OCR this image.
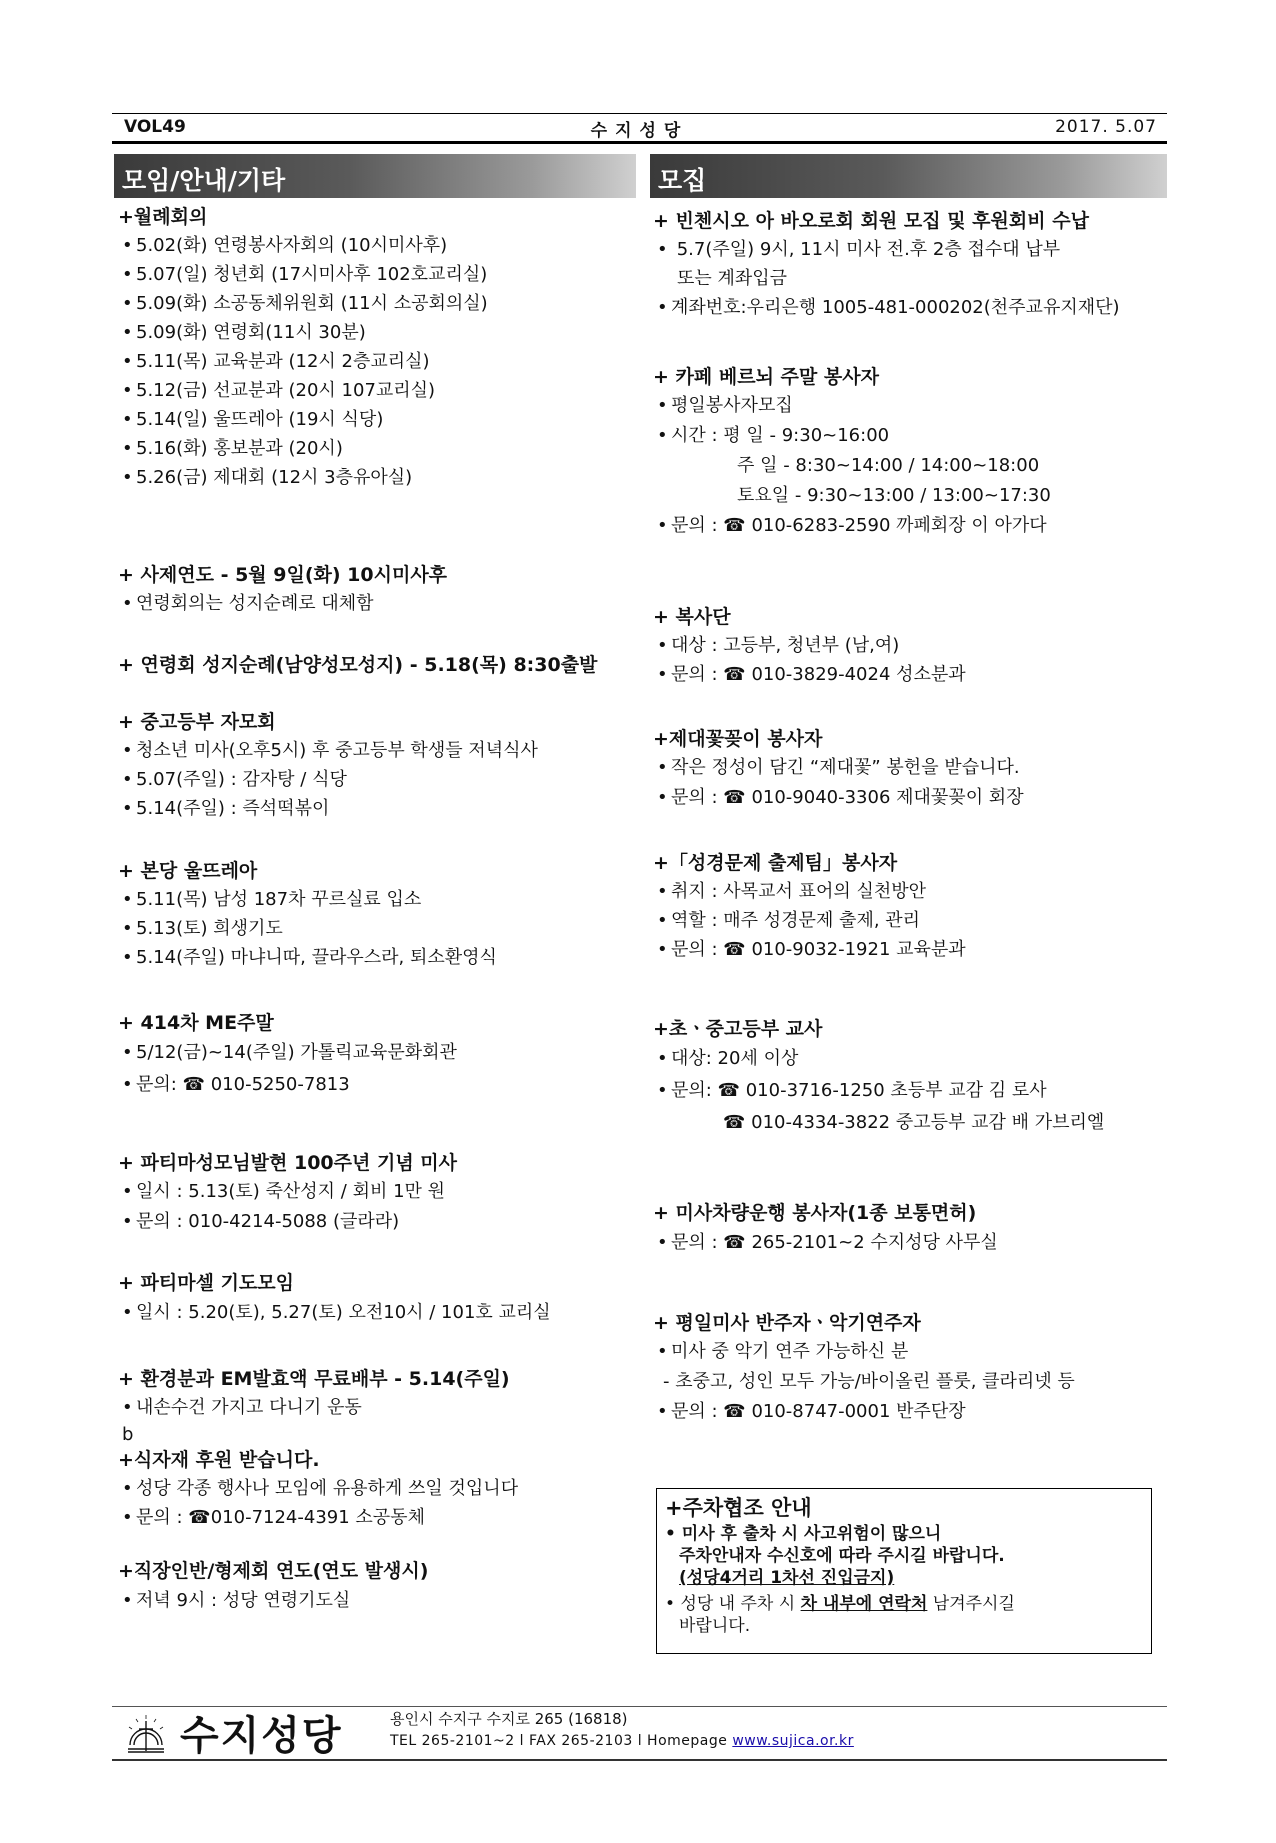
VOL49	수지성당	2017. 5.07
모임/안내/기타	모집
+월례회의
• 5.02(화) 연령봉사자회의 (10시미사후)
• 5.07(일) 청년회 (17시미사후 102호교리실)
• 5.09(화) 소공동체위원회 (11시 소공회의실)
• 5.09(화) 연령회(11시 30분)
• 5.11(목) 교육분과 (12시 2층교리실)
• 5.12(금) 선교분과 (20시 107교리실)
• 5.14(일) 울뜨레아 (19시 식당)
• 5.16(화) 홍보분과 (20시)
• 5.26(금) 제대회 (12시 3층유아실)
+ 사제연도 - 5월 9일(화) 10시미사후
• 연령회의는 성지순례로 대체함
+ 연령회 성지순례(남양성모성지) - 5.18(목) 8:30출발
+ 중고등부 자모회
• 청소년 미사(오후5시) 후 중고등부 학생들 저녁식사
• 5.07(주일) : 감자탕 / 식당
• 5.14(주일) : 즉석떡볶이
+ 본당 울뜨레아
• 5.11(목) 남성 187차 꾸르실료 입소
• 5.13(토) 희생기도
• 5.14(주일) 마냐니따, 끌라우스라, 퇴소환영식
+ 414차 ME주말
• 5/12(금)~14(주일) 가톨릭교육문화회관
• 문의: ☎ 010-5250-7813
+ 파티마성모님발현 100주년 기념 미사
• 일시 : 5.13(토) 죽산성지 / 회비 1만 원
• 문의 : 010-4214-5088 (글라라)
+ 파티마셀 기도모임
• 일시 : 5.20(토), 5.27(토) 오전10시 / 101호 교리실
+ 환경분과 EM발효액 무료배부 - 5.14(주일)
• 내손수건 가지고 다니기 운동
b
+식자재 후원 받습니다.
• 성당 각종 행사나 모임에 유용하게 쓰일 것입니다
• 문의 : ☎010-7124-4391 소공동체
+직장인반/형제회 연도(연도 발생시)
• 저녁 9시 : 성당 연령기도실
+ 빈첸시오 아 바오로회 회원 모집 및 후원회비 수납
• 5.7(주일) 9시, 11시 미사 전.후 2층 접수대 납부
또는 계좌입금
• 계좌번호:우리은행 1005-481-000202(천주교유지재단)
+ 카페 베르뇌 주말 봉사자
• 평일봉사자모집
• 시간 : 평 일 - 9:30~16:00
주 일 - 8:30~14:00 / 14:00~18:00
토요일 - 9:30~13:00 / 13:00~17:30
• 문의 : ☎ 010-6283-2590 까페회장 이 아가다
+ 복사단
• 대상 : 고등부, 청년부 (남,여)
• 문의 : ☎ 010-3829-4024 성소분과
+제대꽃꽂이 봉사자
• 작은 정성이 담긴 “제대꽃” 봉헌을 받습니다.
• 문의 : ☎ 010-9040-3306 제대꽃꽂이 회장
+「성경문제 출제팀」봉사자
• 취지 : 사목교서 표어의 실천방안
• 역할 : 매주 성경문제 출제, 관리
• 문의 : ☎ 010-9032-1921 교육분과
+초ㆍ중고등부 교사
• 대상: 20세 이상
• 문의: ☎ 010-3716-1250 초등부 교감 김 로사
☎ 010-4334-3822 중고등부 교감 배 가브리엘
+ 미사차량운행 봉사자(1종 보통면허)
• 문의 : ☎ 265-2101~2 수지성당 사무실
+ 평일미사 반주자ㆍ악기연주자
• 미사 중 악기 연주 가능하신 분
- 초중고, 성인 모두 가능/바이올린 플룻, 클라리넷 등
• 문의 : ☎ 010-8747-0001 반주단장
+주차협조 안내
• 미사 후 출차 시 사고위험이 많으니
주차안내자 수신호에 따라 주시길 바랍니다.
(성당4거리 1차선 진입금지)
• 성당 내 주차 시 차 내부에 연락처 남겨주시길
바랍니다.
수지성당	용인시 수지구 수지로 265 (16818)
TEL 265-2101~2 l FAX 265-2103 l Homepage www.sujica.or.kr
